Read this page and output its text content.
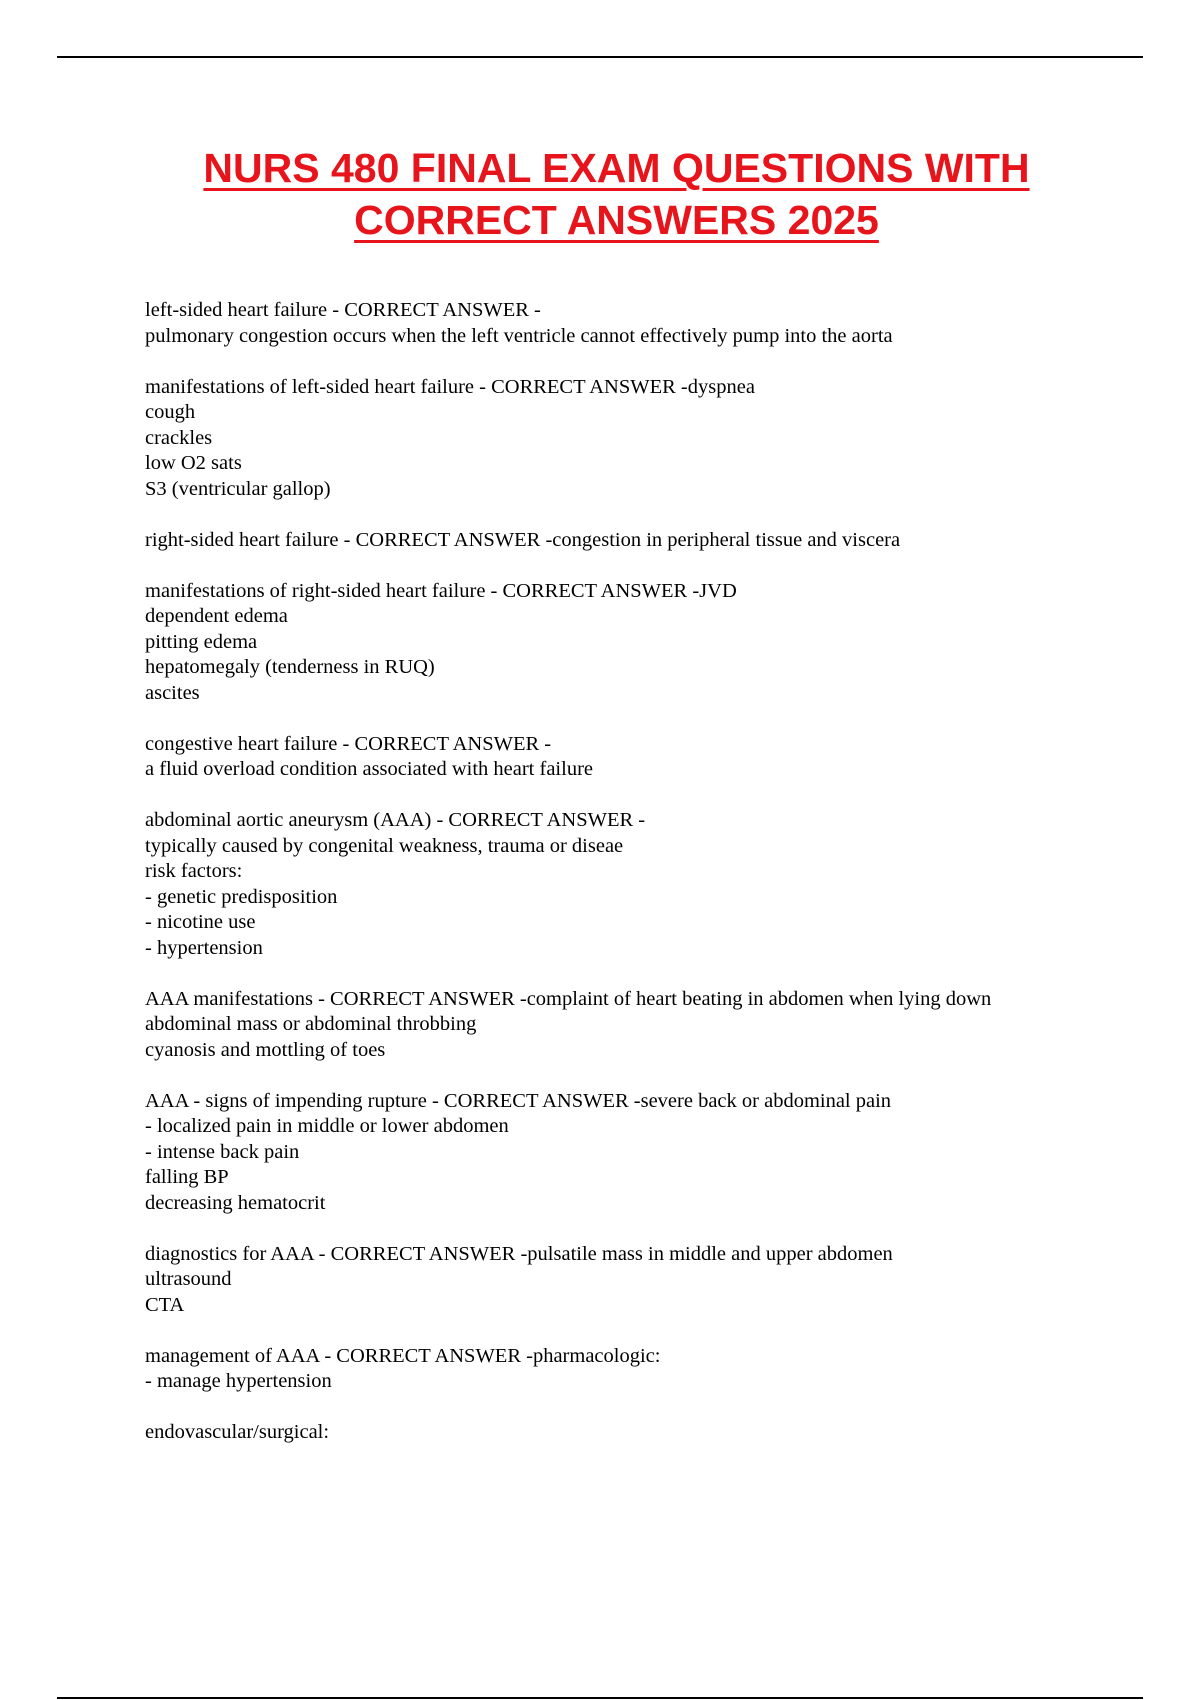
NURS 480 FINAL EXAM QUESTIONS WITH
CORRECT ANSWERS 2025
left-sided heart failure - CORRECT ANSWER -
pulmonary congestion occurs when the left ventricle cannot effectively pump into the aorta
manifestations of left-sided heart failure - CORRECT ANSWER -dyspnea
cough
crackles
low O2 sats
S3 (ventricular gallop)
right-sided heart failure - CORRECT ANSWER -congestion in peripheral tissue and viscera
manifestations of right-sided heart failure - CORRECT ANSWER -JVD
dependent edema
pitting edema
hepatomegaly (tenderness in RUQ)
ascites
congestive heart failure - CORRECT ANSWER -
a fluid overload condition associated with heart failure
abdominal aortic aneurysm (AAA) - CORRECT ANSWER -
typically caused by congenital weakness, trauma or diseae
risk factors:
- genetic predisposition
- nicotine use
- hypertension
AAA manifestations - CORRECT ANSWER -complaint of heart beating in abdomen when lying down
abdominal mass or abdominal throbbing
cyanosis and mottling of toes
AAA - signs of impending rupture - CORRECT ANSWER -severe back or abdominal pain
- localized pain in middle or lower abdomen
- intense back pain
falling BP
decreasing hematocrit
diagnostics for AAA - CORRECT ANSWER -pulsatile mass in middle and upper abdomen
ultrasound
CTA
management of AAA - CORRECT ANSWER -pharmacologic:
- manage hypertension
endovascular/surgical:
